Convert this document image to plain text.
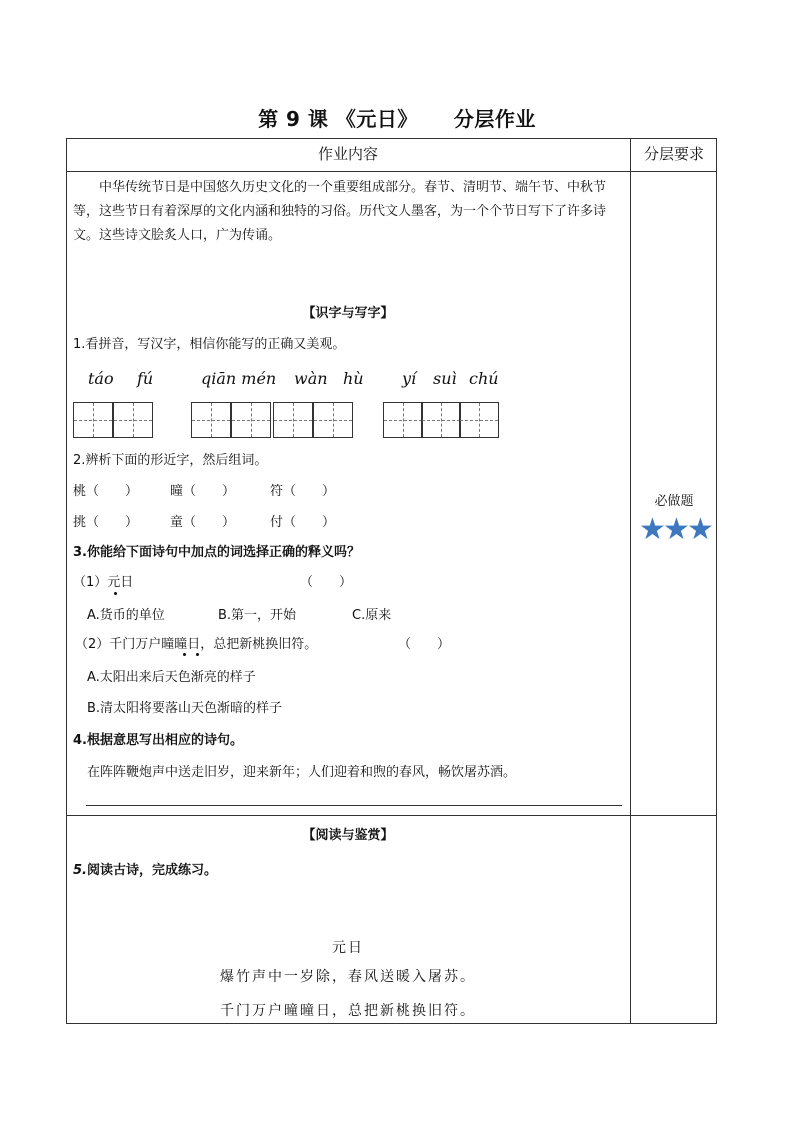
第 9 课 《元日》 分层作业
作业内容	分层要求
中华传统节日是中国悠久历史文化的一个重要组成部分。春节、清明节、端午节、中秋节等，这些节日有着深厚的文化内涵和独特的习俗。历代文人墨客，为一个个节日写下了许多诗文。这些诗文脍炙人口，广为传诵。
【识字与写字】
1.看拼音，写汉字，相信你能写的正确又美观。
táo fú	qiān mén wàn hù yí suì chú
2.辨析下面的形近字，然后组词。
桃（　　） 曈（　　）	符（　　）
挑（　　） 童（　　）	付（　　）
3.你能给下面诗句中加点的词选择正确的释义吗？
（1）元日	（　　）
A.货币的单位	B.第一，开始	C.原来
（2）千门万户曈曈日，总把新桃换旧符。	（　　）
A.太阳出来后天色渐亮的样子
B.清太阳将要落山天色渐暗的样子
4.根据意思写出相应的诗句。
在阵阵鞭炮声中送走旧岁，迎来新年；人们迎着和煦的春风，畅饮屠苏酒。
必做题
★
★
★
【阅读与鉴赏】
5.阅读古诗，完成练习。
元日
爆竹声中一岁除，春风送暖入屠苏。
千门万户曈曈日，总把新桃换旧符。
